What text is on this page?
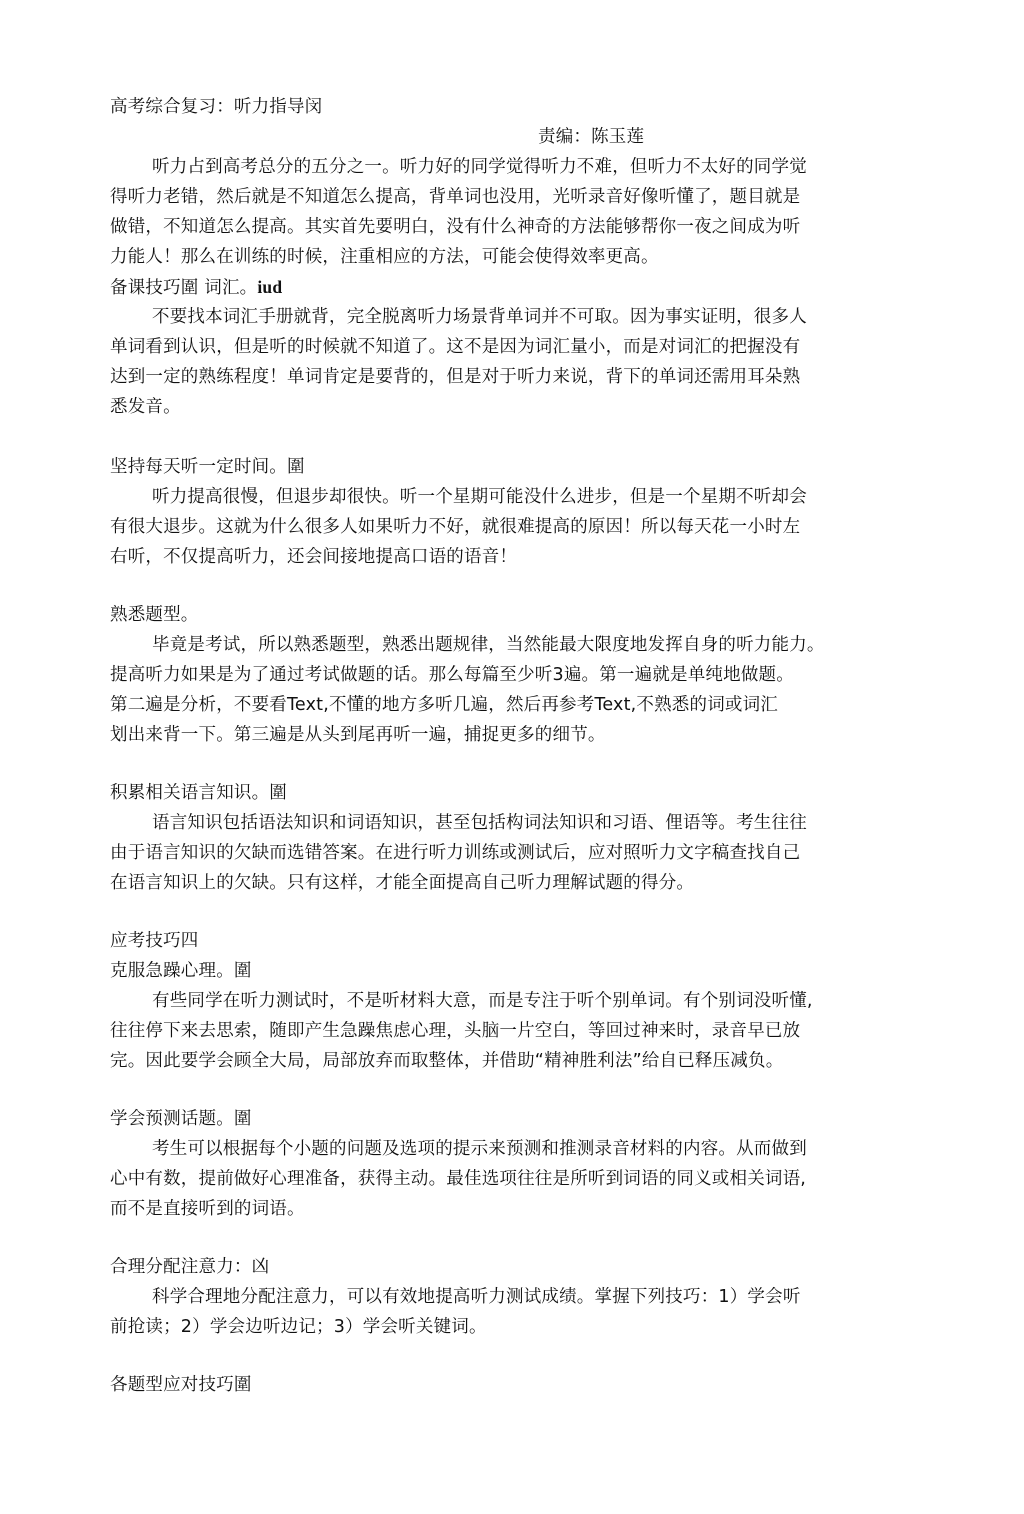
高考综合复习：听力指导闵
责编：陈玉莲
听力占到高考总分的五分之一。听力好的同学觉得听力不难，但听力不太好的同学觉
得听力老错，然后就是不知道怎么提高，背单词也没用，光听录音好像听懂了，题目就是
做错，不知道怎么提高。其实首先要明白，没有什么神奇的方法能够帮你一夜之间成为听
力能人！那么在训练的时候，注重相应的方法，可能会使得效率更高。
备课技巧圍 词汇。iud
不要找本词汇手册就背，完全脱离听力场景背单词并不可取。因为事实证明，很多人
单词看到认识，但是听的时候就不知道了。这不是因为词汇量小，而是对词汇的把握没有
达到一定的熟练程度！单词肯定是要背的，但是对于听力来说，背下的单词还需用耳朵熟
悉发音。
坚持每天听一定时间。圍
听力提高很慢，但退步却很快。听一个星期可能没什么进步，但是一个星期不听却会
有很大退步。这就为什么很多人如果听力不好，就很难提高的原因！所以每天花一小时左
右听，不仅提高听力，还会间接地提高口语的语音！
熟悉题型。
毕竟是考试，所以熟悉题型，熟悉出题规律，当然能最大限度地发挥自身的听力能力。
提高听力如果是为了通过考试做题的话。那么每篇至少听3遍。第一遍就是单纯地做题。
第二遍是分析，不要看Text,不懂的地方多听几遍，然后再参考Text,不熟悉的词或词汇
划出来背一下。第三遍是从头到尾再听一遍，捕捉更多的细节。
积累相关语言知识。圍
语言知识包括语法知识和词语知识，甚至包括构词法知识和习语、俚语等。考生往往
由于语言知识的欠缺而选错答案。在进行听力训练或测试后，应对照听力文字稿查找自己
在语言知识上的欠缺。只有这样，才能全面提高自己听力理解试题的得分。
应考技巧四
克服急躁心理。圍
有些同学在听力测试时，不是听材料大意，而是专注于听个别单词。有个别词没听懂,
往往停下来去思索，随即产生急躁焦虑心理，头脑一片空白，等回过神来时，录音早已放
完。因此要学会顾全大局，局部放弃而取整体，并借助“精神胜利法”给自已释压减负。
学会预测话题。圍
考生可以根据每个小题的问题及选项的提示来预测和推测录音材料的内容。从而做到
心中有数，提前做好心理准备，获得主动。最佳选项往往是所听到词语的同义或相关词语,
而不是直接听到的词语。
合理分配注意力：凶
科学合理地分配注意力，可以有效地提高听力测试成绩。掌握下列技巧：1）学会听
前抢读；2）学会边听边记；3）学会听关键词。
各题型应对技巧圍
